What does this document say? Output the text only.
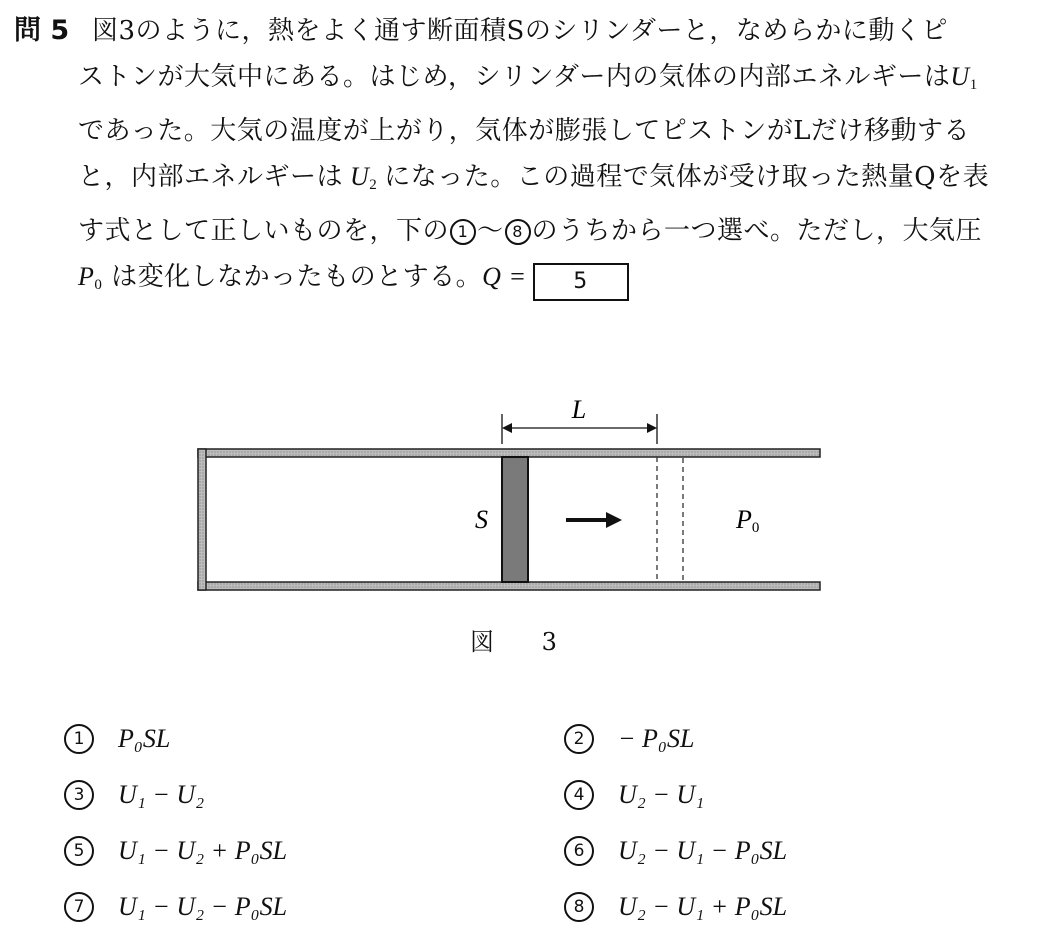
問 5 図3のように，熱をよく通す断面積Sのシリンダーと，なめらかに動くピ
ストンが大気中にある。はじめ，シリンダー内の気体の内部エネルギーは$U_1$
であった。大気の温度が上がり，気体が膨張してピストンがLだけ移動する
と，内部エネルギーは $U_2$ になった。この過程で気体が受け取った熱量Qを表
す式として正しいものを，下の 1 ～ 8 のうちから一つ選べ。ただし，大気圧
$P_0$ は変化しなかったものとする。Q = 5
L
S	P0
図 3
1 P₀SL	2 − P₀SL
3 U₁ − U₂	4 U₂ − U₁
5 U₁ − U₂ + P₀SL	6 U₂ − U₁ − P₀SL
7 U₁ − U₂ − P₀SL	8 U₂ − U₁ + P₀SL
